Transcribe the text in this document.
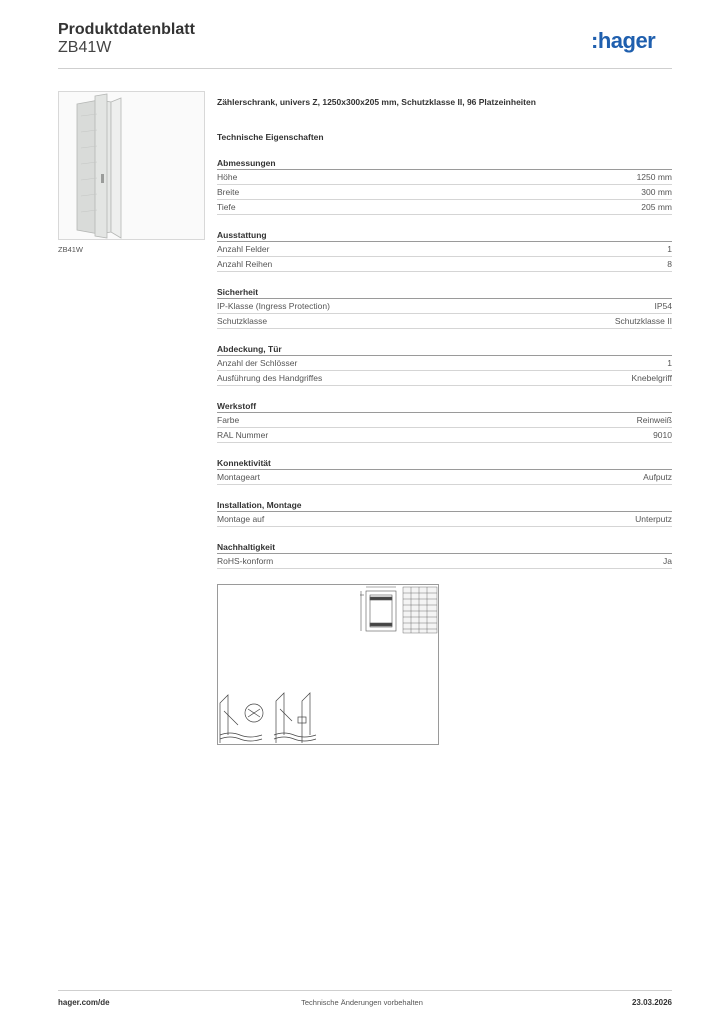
Produktdatenblatt
ZB41W	:hager
ZB41W
Zählerschrank, univers Z, 1250x300x205 mm, Schutzklasse II, 96 Platzeinheiten
Technische Eigenschaften
Abmessungen
Höhe	1250 mm
Breite	300 mm
Tiefe	205 mm
Ausstattung
Anzahl Felder	1
Anzahl Reihen	8
Sicherheit
IP-Klasse (Ingress Protection)	IP54
Schutzklasse	Schutzklasse II
Abdeckung, Tür
Anzahl der Schlösser	1
Ausführung des Handgriffes	Knebelgriff
Werkstoff
Farbe	Reinweiß
RAL Nummer	9010
Konnektivität
Montageart	Aufputz
Installation, Montage
Montage auf	Unterputz
Nachhaltigkeit
RoHS-konform	Ja
hager.com/de	Technische Änderungen vorbehalten	23.03.2026
